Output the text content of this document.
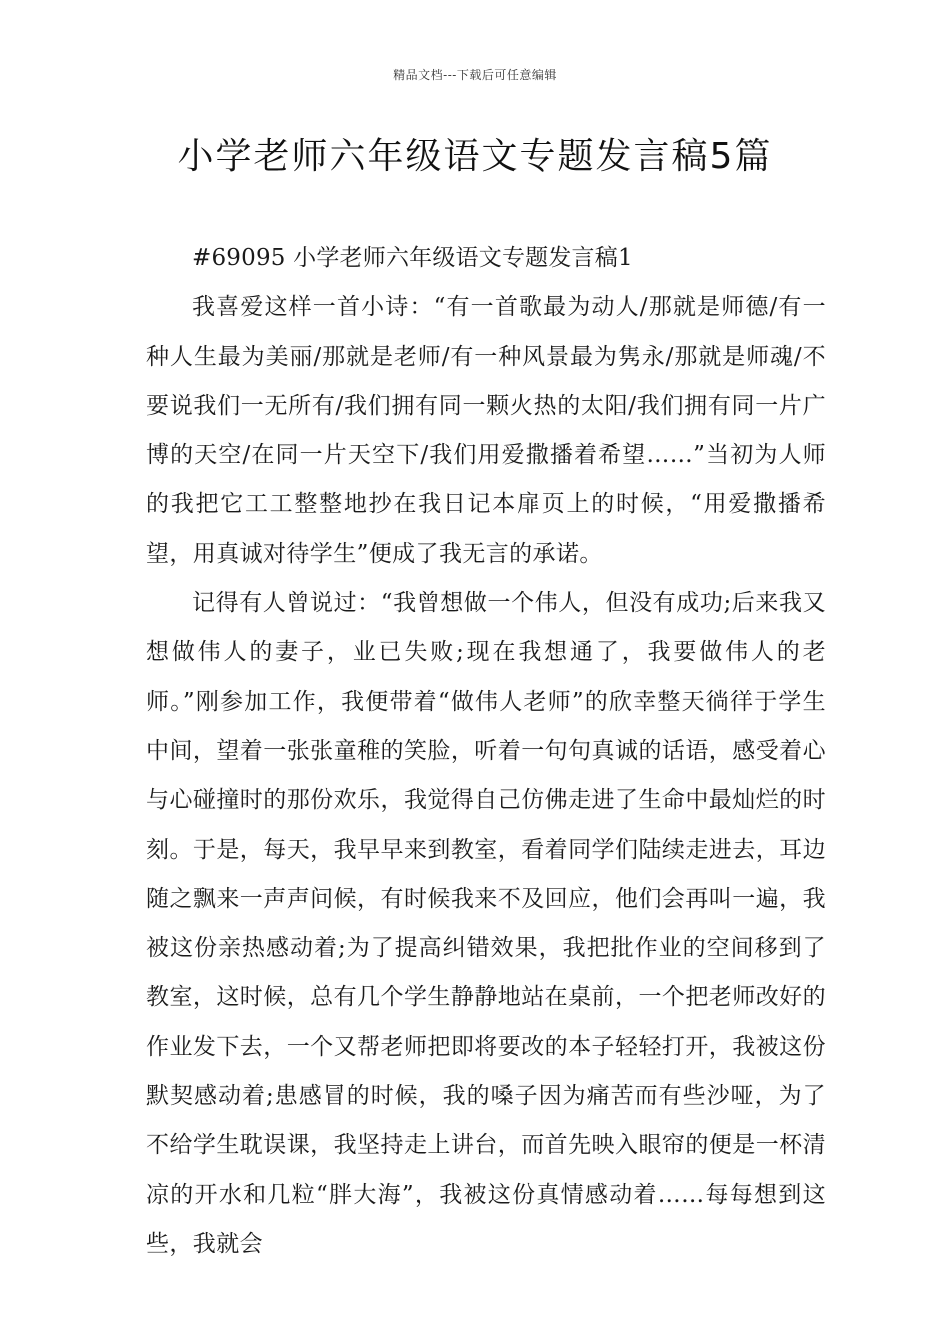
精品文档---下载后可任意编辑
小学老师六年级语文专题发言稿5篇

#69095 小学老师六年级语文专题发言稿1

我喜爱这样一首小诗：“有一首歌最为动人/那就是师德/有一种人生最为美丽/那就是老师/有一种风景最为隽永/那就是师魂/不要说我们一无所有/我们拥有同一颗火热的太阳/我们拥有同一片广博的天空/在同一片天空下/我们用爱撒播着希望……”当初为人师的我把它工工整整地抄在我日记本扉页上的时候，“用爱撒播希望，用真诚对待学生”便成了我无言的承诺。

记得有人曾说过：“我曾想做一个伟人，但没有成功;后来我又想做伟人的妻子，业已失败;现在我想通了，我要做伟人的老师。”刚参加工作，我便带着“做伟人老师”的欣幸整天徜徉于学生中间，望着一张张童稚的笑脸，听着一句句真诚的话语，感受着心与心碰撞时的那份欢乐，我觉得自己仿佛走进了生命中最灿烂的时刻。于是，每天，我早早来到教室，看着同学们陆续走进去，耳边随之飘来一声声问候，有时候我来不及回应，他们会再叫一遍，我被这份亲热感动着;为了提高纠错效果，我把批作业的空间移到了教室，这时候，总有几个学生静静地站在桌前，一个把老师改好的作业发下去，一个又帮老师把即将要改的本子轻轻打开，我被这份默契感动着;患感冒的时候，我的嗓子因为痛苦而有些沙哑，为了不给学生耽误课，我坚持走上讲台，而首先映入眼帘的便是一杯清凉的开水和几粒“胖大海”，我被这份真情感动着……每每想到这些，我就会
